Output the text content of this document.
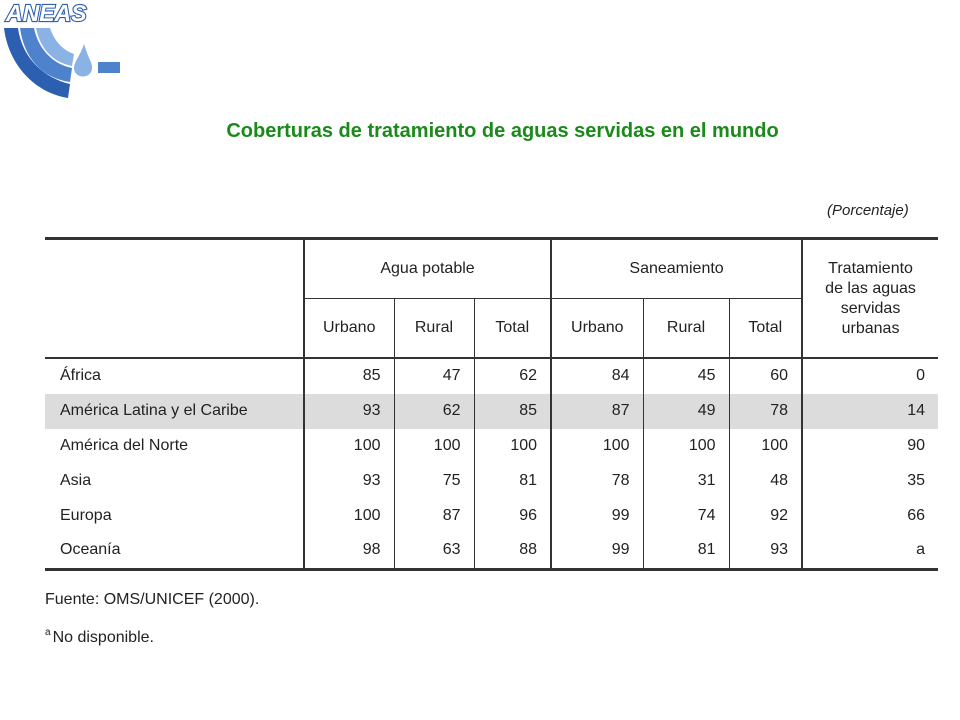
ANEAS
Coberturas de tratamiento de aguas servidas en el mundo
(Porcentaje)
	Agua potable			Saneamiento			Tratamiento
de las aguas
servidas
urbanas
	Urbano	Rural	Total	Urbano	Rural	Total	
África	85	47	62	84	45	60	0
América Latina y el Caribe	93	62	85	87	49	78	14
América del Norte	100	100	100	100	100	100	90
Asia	93	75	81	78	31	48	35
Europa	100	87	96	99	74	92	66
Oceanía	98	63	88	99	81	93	a
Fuente: OMS/UNICEF (2000).
$^a$ No disponible.
